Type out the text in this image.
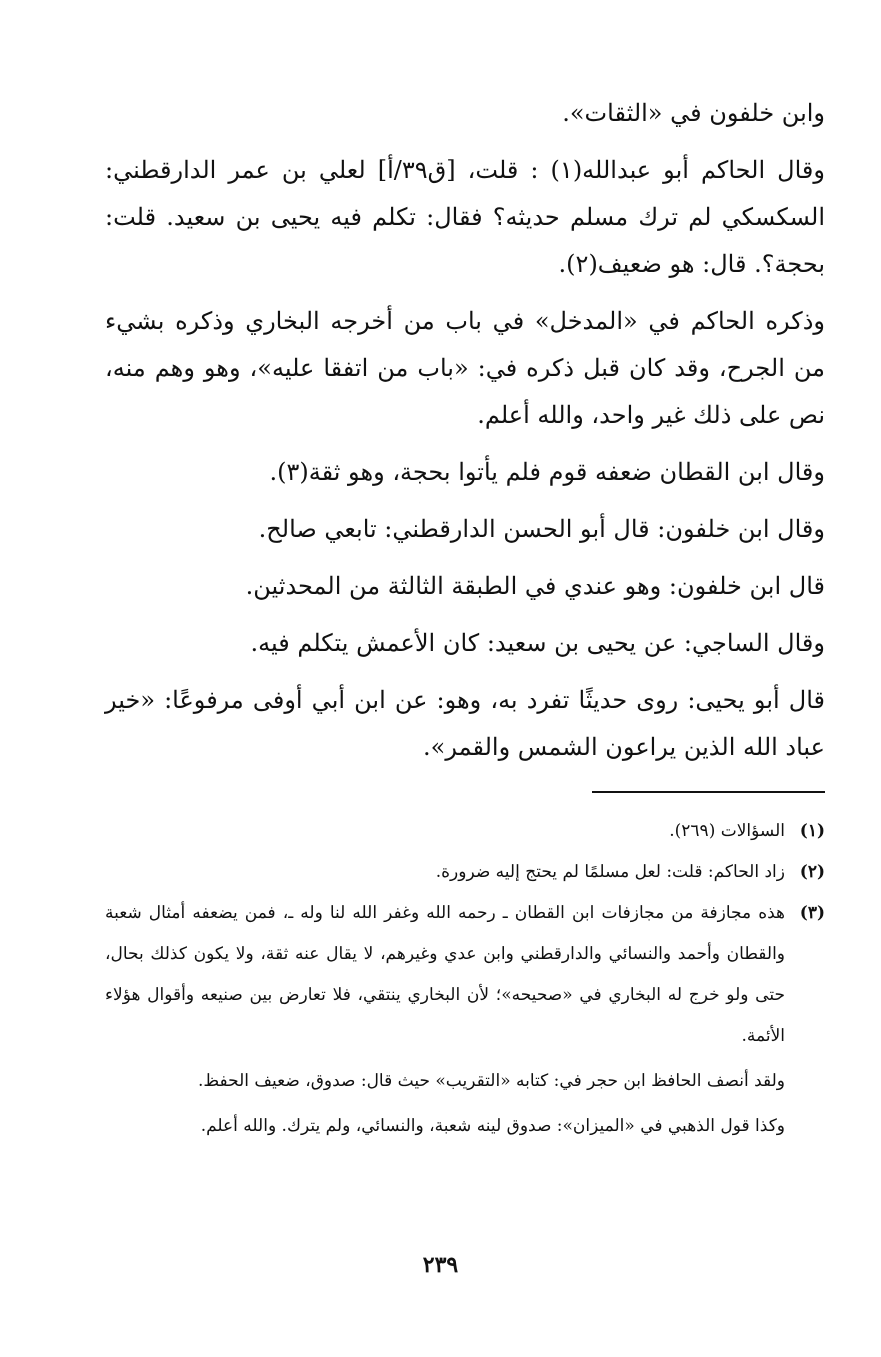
وابن خلفون في «الثقات».

وقال الحاكم أبو عبدالله(١) : قلت، [ق٣٩/أ] لعلي بن عمر الدارقطني: السكسكي لم ترك مسلم حديثه؟ فقال: تكلم فيه يحيى بن سعيد. قلت: بحجة؟. قال: هو ضعيف(٢).

وذكره الحاكم في «المدخل» في باب من أخرجه البخاري وذكره بشيء من الجرح، وقد كان قبل ذكره في: «باب من اتفقا عليه»، وهو وهم منه، نص على ذلك غير واحد، والله أعلم.

وقال ابن القطان ضعفه قوم فلم يأتوا بحجة، وهو ثقة(٣).

وقال ابن خلفون: قال أبو الحسن الدارقطني: تابعي صالح.

قال ابن خلفون: وهو عندي في الطبقة الثالثة من المحدثين.

وقال الساجي: عن يحيى بن سعيد: كان الأعمش يتكلم فيه.

قال أبو يحيى: روى حديثًا تفرد به، وهو: عن ابن أبي أوفى مرفوعًا: «خير عباد الله الذين يراعون الشمس والقمر».

(١)

السؤالات (٢٦٩).

(٢)

زاد الحاكم: قلت: لعل مسلمًا لم يحتج إليه ضرورة.

(٣)

هذه مجازفة من مجازفات ابن القطان ـ رحمه الله وغفر الله لنا وله ـ، فمن يضعفه أمثال شعبة والقطان وأحمد والنسائي والدارقطني وابن عدي وغيرهم، لا يقال عنه ثقة، ولا يكون كذلك بحال، حتى ولو خرج له البخاري في «صحيحه»؛ لأن البخاري ينتقي، فلا تعارض بين صنيعه وأقوال هؤلاء الأئمة.

ولقد أنصف الحافظ ابن حجر في: كتابه «التقريب» حيث قال: صدوق، ضعيف الحفظ.

وكذا قول الذهبي في «الميزان»: صدوق لينه شعبة، والنسائي، ولم يترك. والله أعلم.

٢٣٩
